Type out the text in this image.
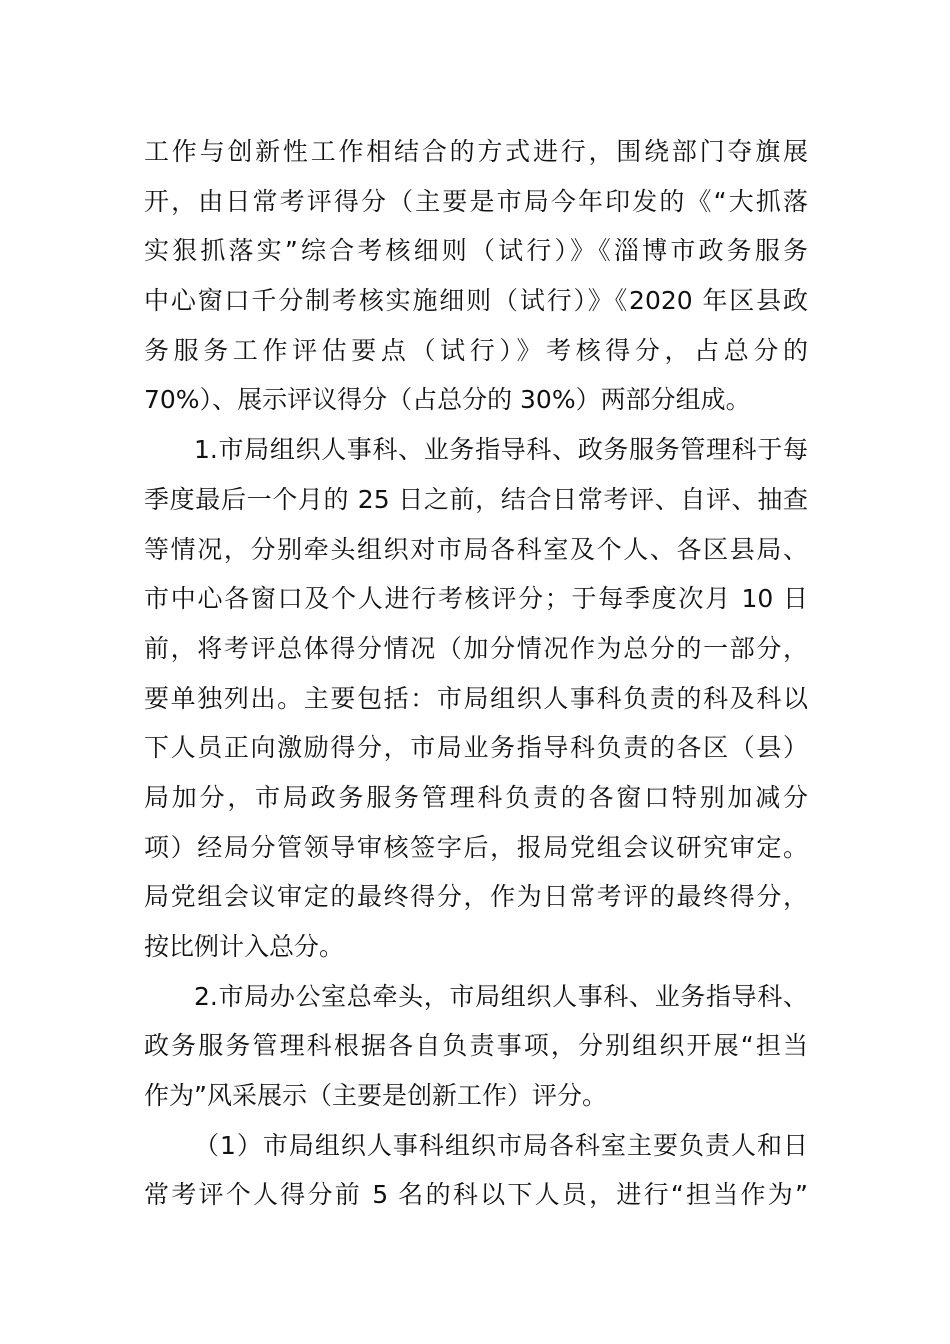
工作与创新性工作相结合的方式进行，围绕部门夺旗展
开，由日常考评得分（主要是市局今年印发的《“大抓落
实狠抓落实”综合考核细则（试行）》《淄博市政务服务
中心窗口千分制考核实施细则（试行）》《2020 年区县政
务服务工作评估要点（试行）》考核得分，占总分的
70%）、展示评议得分（占总分的 30%）两部分组成。
1.市局组织人事科、业务指导科、政务服务管理科于每
季度最后一个月的 25 日之前，结合日常考评、自评、抽查
等情况，分别牵头组织对市局各科室及个人、各区县局、
市中心各窗口及个人进行考核评分；于每季度次月 10 日
前，将考评总体得分情况（加分情况作为总分的一部分，
要单独列出。主要包括：市局组织人事科负责的科及科以
下人员正向激励得分，市局业务指导科负责的各区（县）
局加分，市局政务服务管理科负责的各窗口特别加减分
项）经局分管领导审核签字后，报局党组会议研究审定。
局党组会议审定的最终得分，作为日常考评的最终得分，
按比例计入总分。
2.市局办公室总牵头，市局组织人事科、业务指导科、
政务服务管理科根据各自负责事项，分别组织开展“担当
作为”风采展示（主要是创新工作）评分。
（1）市局组织人事科组织市局各科室主要负责人和日
常考评个人得分前 5 名的科以下人员，进行“担当作为”
